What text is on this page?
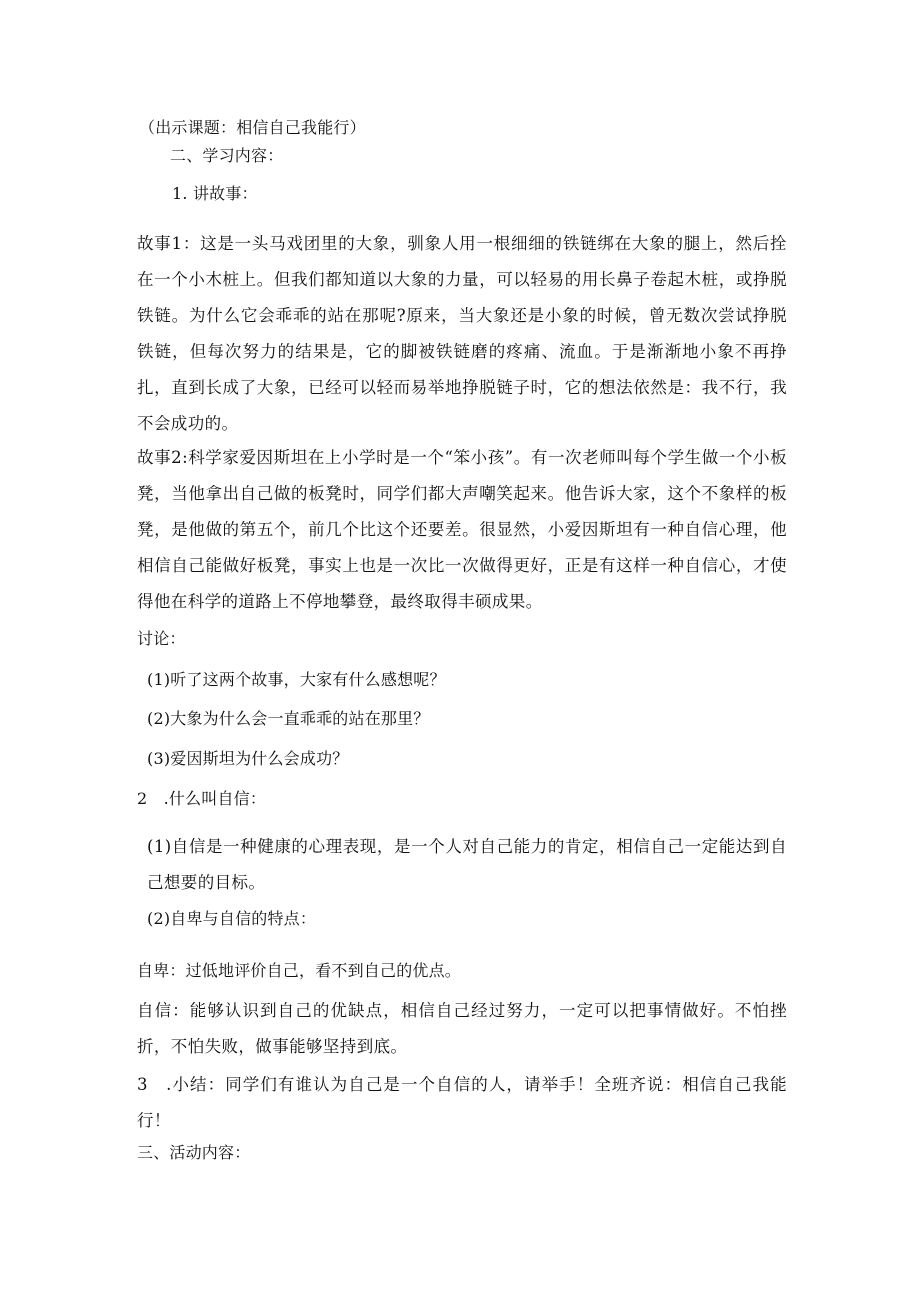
（出示课题：相信自己我能行）
二、学习内容：
1. 讲故事：
故事1：这是一头马戏团里的大象，驯象人用一根细细的铁链绑在大象的腿上，然后拴在一个小木桩上。但我们都知道以大象的力量，可以轻易的用长鼻子卷起木桩，或挣脱铁链。为什么它会乖乖的站在那呢?原来，当大象还是小象的时候，曾无数次尝试挣脱铁链，但每次努力的结果是，它的脚被铁链磨的疼痛、流血。于是渐渐地小象不再挣扎，直到长成了大象，已经可以轻而易举地挣脱链子时，它的想法依然是：我不行，我不会成功的。
故事2:科学家爱因斯坦在上小学时是一个“笨小孩”。有一次老师叫每个学生做一个小板凳，当他拿出自己做的板凳时，同学们都大声嘲笑起来。他告诉大家，这个不象样的板凳，是他做的第五个，前几个比这个还要差。很显然，小爱因斯坦有一种自信心理，他相信自己能做好板凳，事实上也是一次比一次做得更好，正是有这样一种自信心，才使得他在科学的道路上不停地攀登，最终取得丰硕成果。
讨论：
(1)听了这两个故事，大家有什么感想呢？
(2)大象为什么会一直乖乖的站在那里？
(3)爱因斯坦为什么会成功？
2　.什么叫自信：
(1)自信是一种健康的心理表现，是一个人对自己能力的肯定，相信自己一定能达到自己想要的目标。
(2)自卑与自信的特点：
自卑：过低地评价自己，看不到自己的优点。
自信：能够认识到自己的优缺点，相信自己经过努力，一定可以把事情做好。不怕挫折，不怕失败，做事能够坚持到底。
3　.小结：同学们有谁认为自己是一个自信的人，请举手！全班齐说：相信自己我能行！
三、活动内容：
